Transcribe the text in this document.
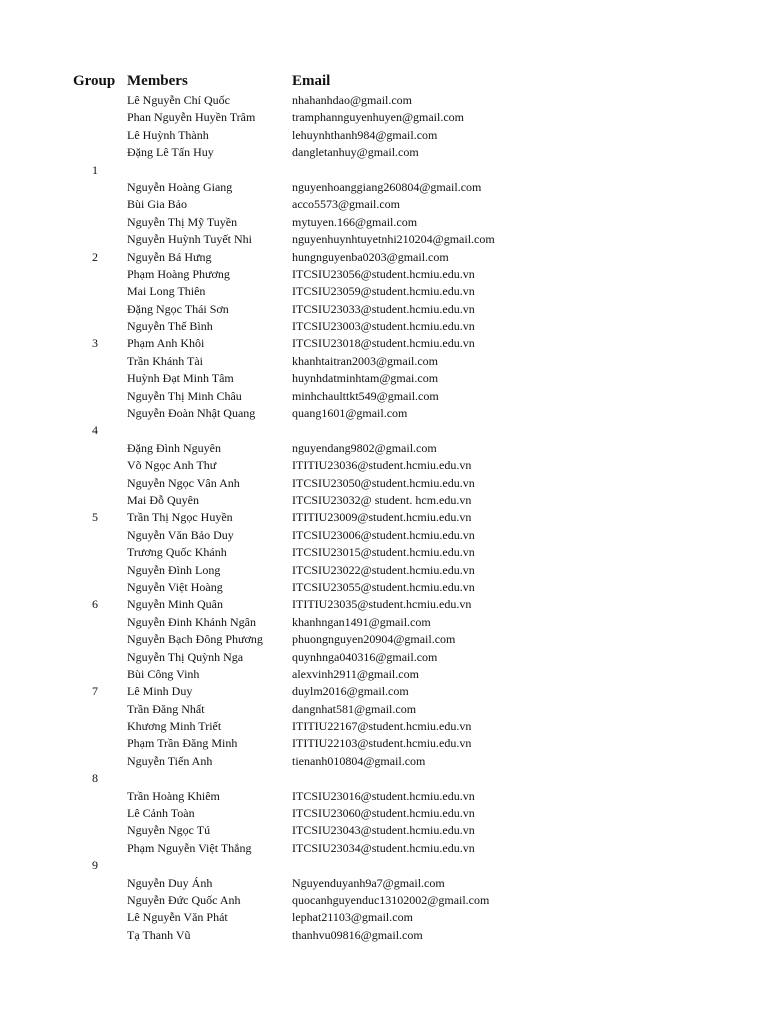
Group Members	Email
Lê Nguyễn Chí Quốc	nhahanhdao@gmail.com
Phan Nguyễn Huyền Trâm	tramphannguyenhuyen@gmail.com
Lê Huỳnh Thành	lehuynhthanh984@gmail.com
Đặng Lê Tấn Huy	dangletanhuy@gmail.com
1
Nguyễn Hoàng Giang	nguyenhoanggiang260804@gmail.com
Bùi Gia Bảo	acco5573@gmail.com
Nguyễn Thị Mỹ Tuyền	mytuyen.166@gmail.com
Nguyễn Huỳnh Tuyết Nhi	nguyenhuynhtuyetnhi210204@gmail.com
2 Nguyễn Bá Hưng	hungnguyenba0203@gmail.com
Phạm Hoàng Phương	ITCSIU23056@student.hcmiu.edu.vn
Mai Long Thiên	ITCSIU23059@student.hcmiu.edu.vn
Đặng Ngọc Thái Sơn	ITCSIU23033@student.hcmiu.edu.vn
Nguyễn Thế Bình	ITCSIU23003@student.hcmiu.edu.vn
3 Phạm Anh Khôi	ITCSIU23018@student.hcmiu.edu.vn
Trần Khánh Tài	khanhtaitran2003@gmail.com
Huỳnh Đạt Minh Tâm	huynhdatminhtam@gmai.com
Nguyễn Thị Minh Châu	minhchaulttkt549@gmail.com
Nguyễn Đoàn Nhật Quang	quang1601@gmail.com
4
Đặng Đình Nguyên	nguyendang9802@gmail.com
Võ Ngọc Anh Thư	ITITIU23036@student.hcmiu.edu.vn
Nguyễn Ngọc Vân Anh	ITCSIU23050@student.hcmiu.edu.vn
Mai Đỗ Quyên	ITCSIU23032@ student. hcm.edu.vn
5 Trần Thị Ngọc Huyền	ITITIU23009@student.hcmiu.edu.vn
Nguyễn Văn Bảo Duy	ITCSIU23006@student.hcmiu.edu.vn
Trương Quốc Khánh	ITCSIU23015@student.hcmiu.edu.vn
Nguyễn Đình Long	ITCSIU23022@student.hcmiu.edu.vn
Nguyễn Việt Hoàng	ITCSIU23055@student.hcmiu.edu.vn
6 Nguyễn Minh Quân	ITITIU23035@student.hcmiu.edu.vn
Nguyễn Đinh Khánh Ngân	khanhngan1491@gmail.com
Nguyễn Bạch Đông Phương phuongnguyen20904@gmail.com
Nguyễn Thị Quỳnh Nga	quynhnga040316@gmail.com
Bùi Công Vinh	alexvinh2911@gmail.com
7 Lê Minh Duy	duylm2016@gmail.com
Trần Đăng Nhất	dangnhat581@gmail.com
Khương Minh Triết	ITITIU22167@student.hcmiu.edu.vn
Phạm Trần Đăng Minh	ITITIU22103@student.hcmiu.edu.vn
Nguyễn Tiến Anh	tienanh010804@gmail.com
8
Trần Hoàng Khiêm	ITCSIU23016@student.hcmiu.edu.vn
Lê Cảnh Toàn	ITCSIU23060@student.hcmiu.edu.vn
Nguyễn Ngọc Tú	ITCSIU23043@student.hcmiu.edu.vn
Phạm Nguyễn Việt Thắng	ITCSIU23034@student.hcmiu.edu.vn
9
Nguyễn Duy Ánh	Nguyenduyanh9a7@gmail.com
Nguyễn Đức Quốc Anh	quocanhguyenduc13102002@gmail.com
Lê Nguyễn Văn Phát	lephat21103@gmail.com
Tạ Thanh Vũ	thanhvu09816@gmail.com
